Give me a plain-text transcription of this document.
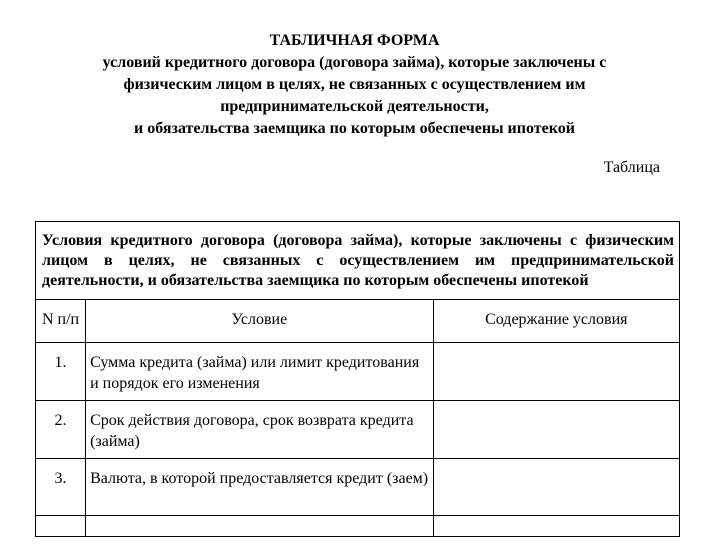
ТАБЛИЧНАЯ ФОРМА
условий кредитного договора (договора займа), которые заключены с
физическим лицом в целях, не связанных с осуществлением им
предпринимательской деятельности,
и обязательства заемщика по которым обеспечены ипотекой
Таблица
Условия кредитного договора (договора займа), которые заключены с физическим лицом в целях, не связанных с осуществлением им предпринимательской деятельности, и обязательства заемщика по которым обеспечены ипотекой		
N п/п	Условие	Содержание условия
1.	Сумма кредита (займа) или лимит кредитования и порядок его изменения	
2.	Срок действия договора, срок возврата кредита (займа)	
3.	Валюта, в которой предоставляется кредит (заем)	
